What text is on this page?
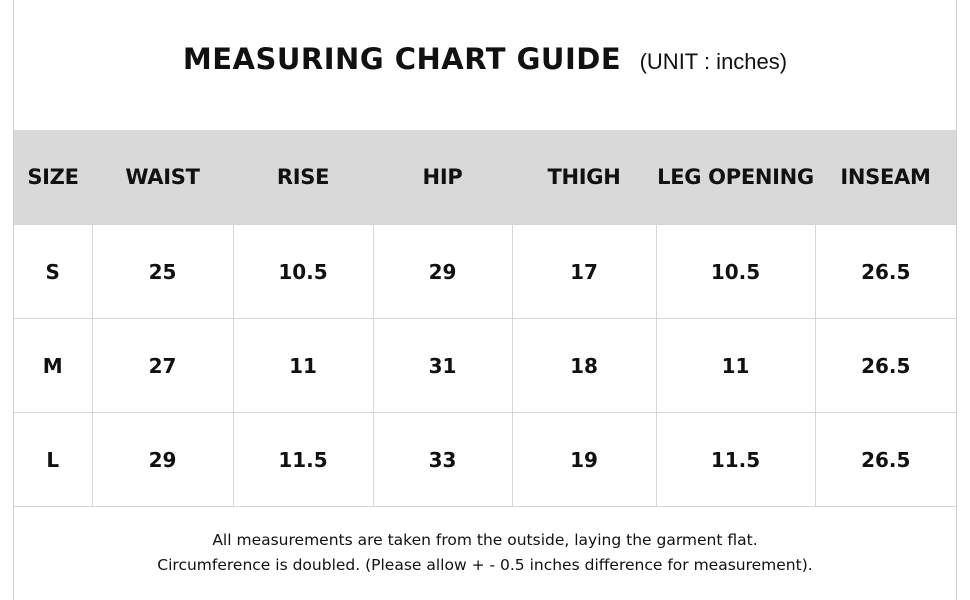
MEASURING CHART GUIDE (UNIT : inches)
SIZE	WAIST	RISE	HIP	THIGH	LEG OPENING	INSEAM
S	25	10.5	29	17	10.5	26.5
M	27	11	31	18	11	26.5
L	29	11.5	33	19	11.5	26.5
All measurements are taken from the outside, laying the garment flat.
Circumference is doubled. (Please allow + - 0.5 inches difference for measurement).
